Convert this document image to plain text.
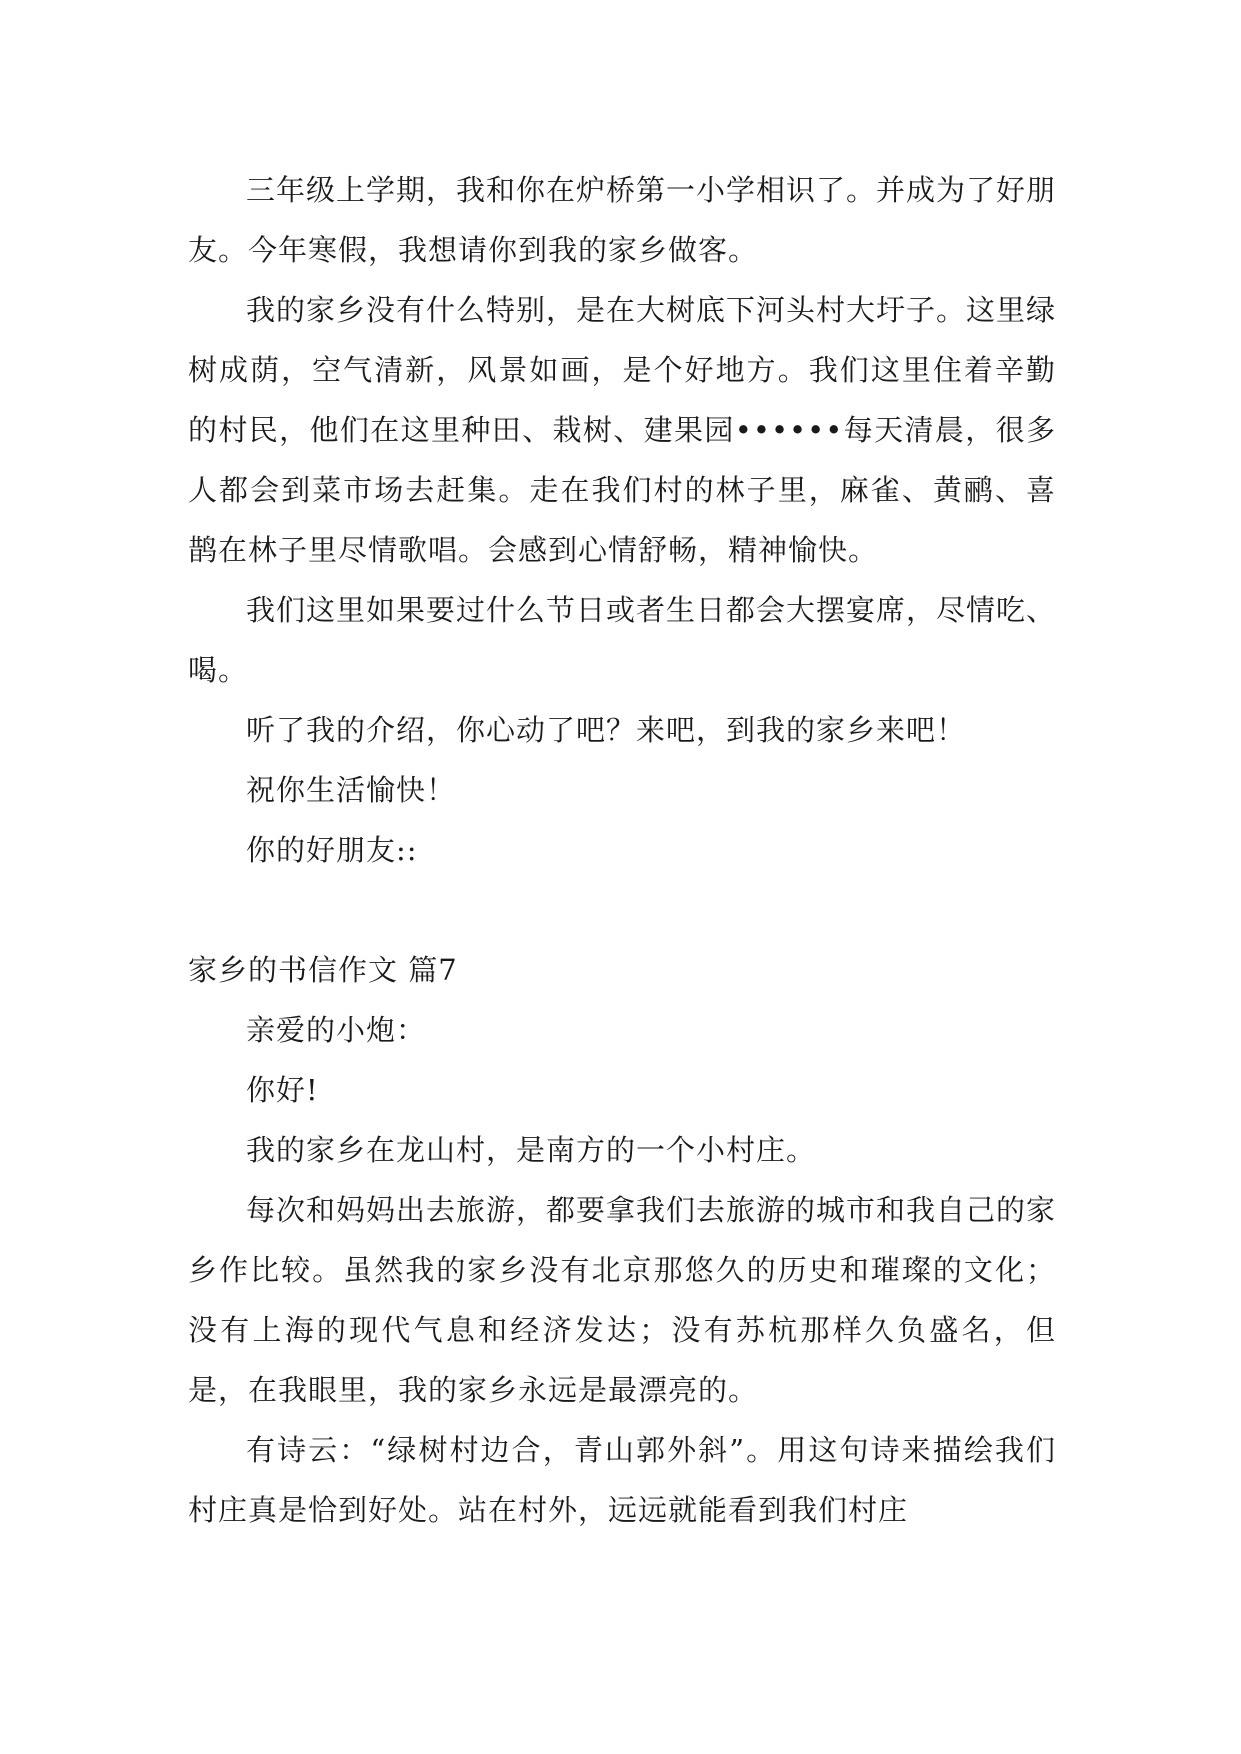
三年级上学期，我和你在炉桥第一小学相识了。并成为了好朋友。今年寒假，我想请你到我的家乡做客。

我的家乡没有什么特别，是在大树底下河头村大圩子。这里绿树成荫，空气清新，风景如画，是个好地方。我们这里住着辛勤的村民，他们在这里种田、栽树、建果园••••••每天清晨，很多人都会到菜市场去赶集。走在我们村的林子里，麻雀、黄鹂、喜鹊在林子里尽情歌唱。会感到心情舒畅，精神愉快。

我们这里如果要过什么节日或者生日都会大摆宴席，尽情吃、喝。

听了我的介绍，你心动了吧？来吧，到我的家乡来吧！

祝你生活愉快！

你的好朋友::

家乡的书信作文 篇7

亲爱的小炮：

你好!

我的家乡在龙山村，是南方的一个小村庄。

每次和妈妈出去旅游，都要拿我们去旅游的城市和我自己的家乡作比较。虽然我的家乡没有北京那悠久的历史和璀璨的文化；没有上海的现代气息和经济发达；没有苏杭那样久负盛名，但是，在我眼里，我的家乡永远是最漂亮的。

有诗云：“绿树村边合，青山郭外斜”。用这句诗来描绘我们村庄真是恰到好处。站在村外，远远就能看到我们村庄
